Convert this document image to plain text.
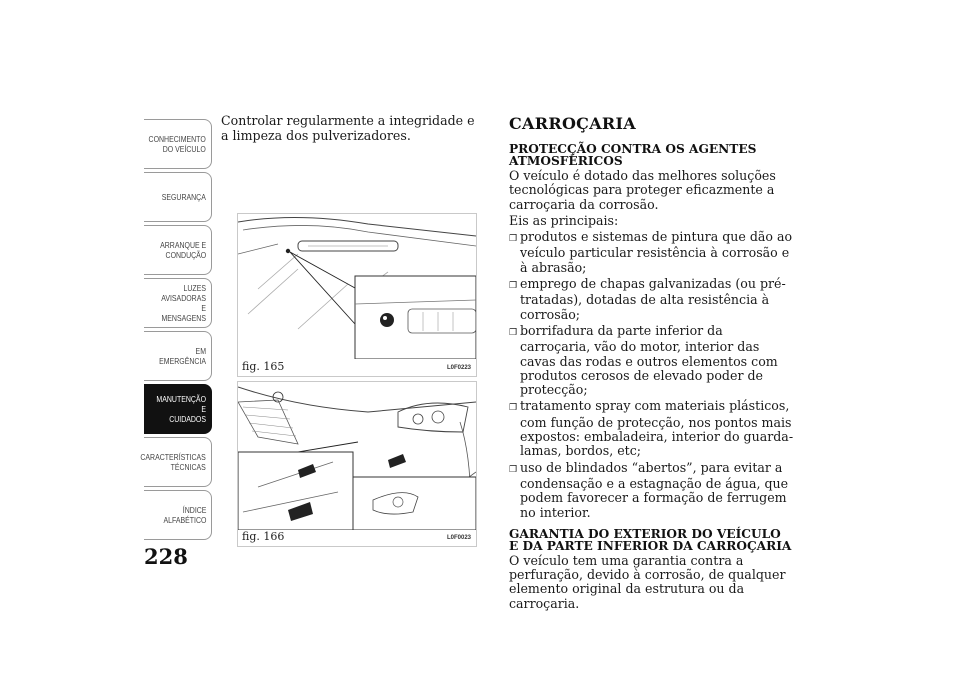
CONHECIMENTO
DO VEÍCULO
SEGURANÇA
ARRANQUE E
CONDUÇÃO
LUZES
AVISADORAS E
MENSAGENS
EM EMERGÊNCIA
MANUTENÇÃO E
CUIDADOS
CARACTERÍSTICAS
TÉCNICAS
ÍNDICE
ALFABÉTICO
228

Controlar regularmente a integridade e a limpeza dos pulverizadores.

fig. 165	L0F0223
fig. 166	L0F0023
CARROÇARIA
PROTECÇÃO CONTRA OS AGENTES ATMOSFÉRICOS

O veículo é dotado das melhores soluções tecnológicas para proteger eficazmente a carroçaria da corrosão.

Eis as principais:

❒ produtos e sistemas de pintura que dão ao veículo particular resistência à corrosão e à abrasão;
❒ emprego de chapas galvanizadas (ou pré-tratadas), dotadas de alta resistência à corrosão;
❒ borrifadura da parte inferior da carroçaria, vão do motor, interior das cavas das rodas e outros elementos com produtos cerosos de elevado poder de protecção;
❒ tratamento spray com materiais plásticos, com função de protecção, nos pontos mais expostos: embaladeira, interior do guarda-lamas, bordos, etc;
❒ uso de blindados “abertos”, para evitar a condensação e a estagnação de água, que podem favorecer a formação de ferrugem no interior.
GARANTIA DO EXTERIOR DO VEÍCULO E DA PARTE INFERIOR DA CARROÇARIA

O veículo tem uma garantia contra a perfuração, devido à corrosão, de qualquer elemento original da estrutura ou da carroçaria.
